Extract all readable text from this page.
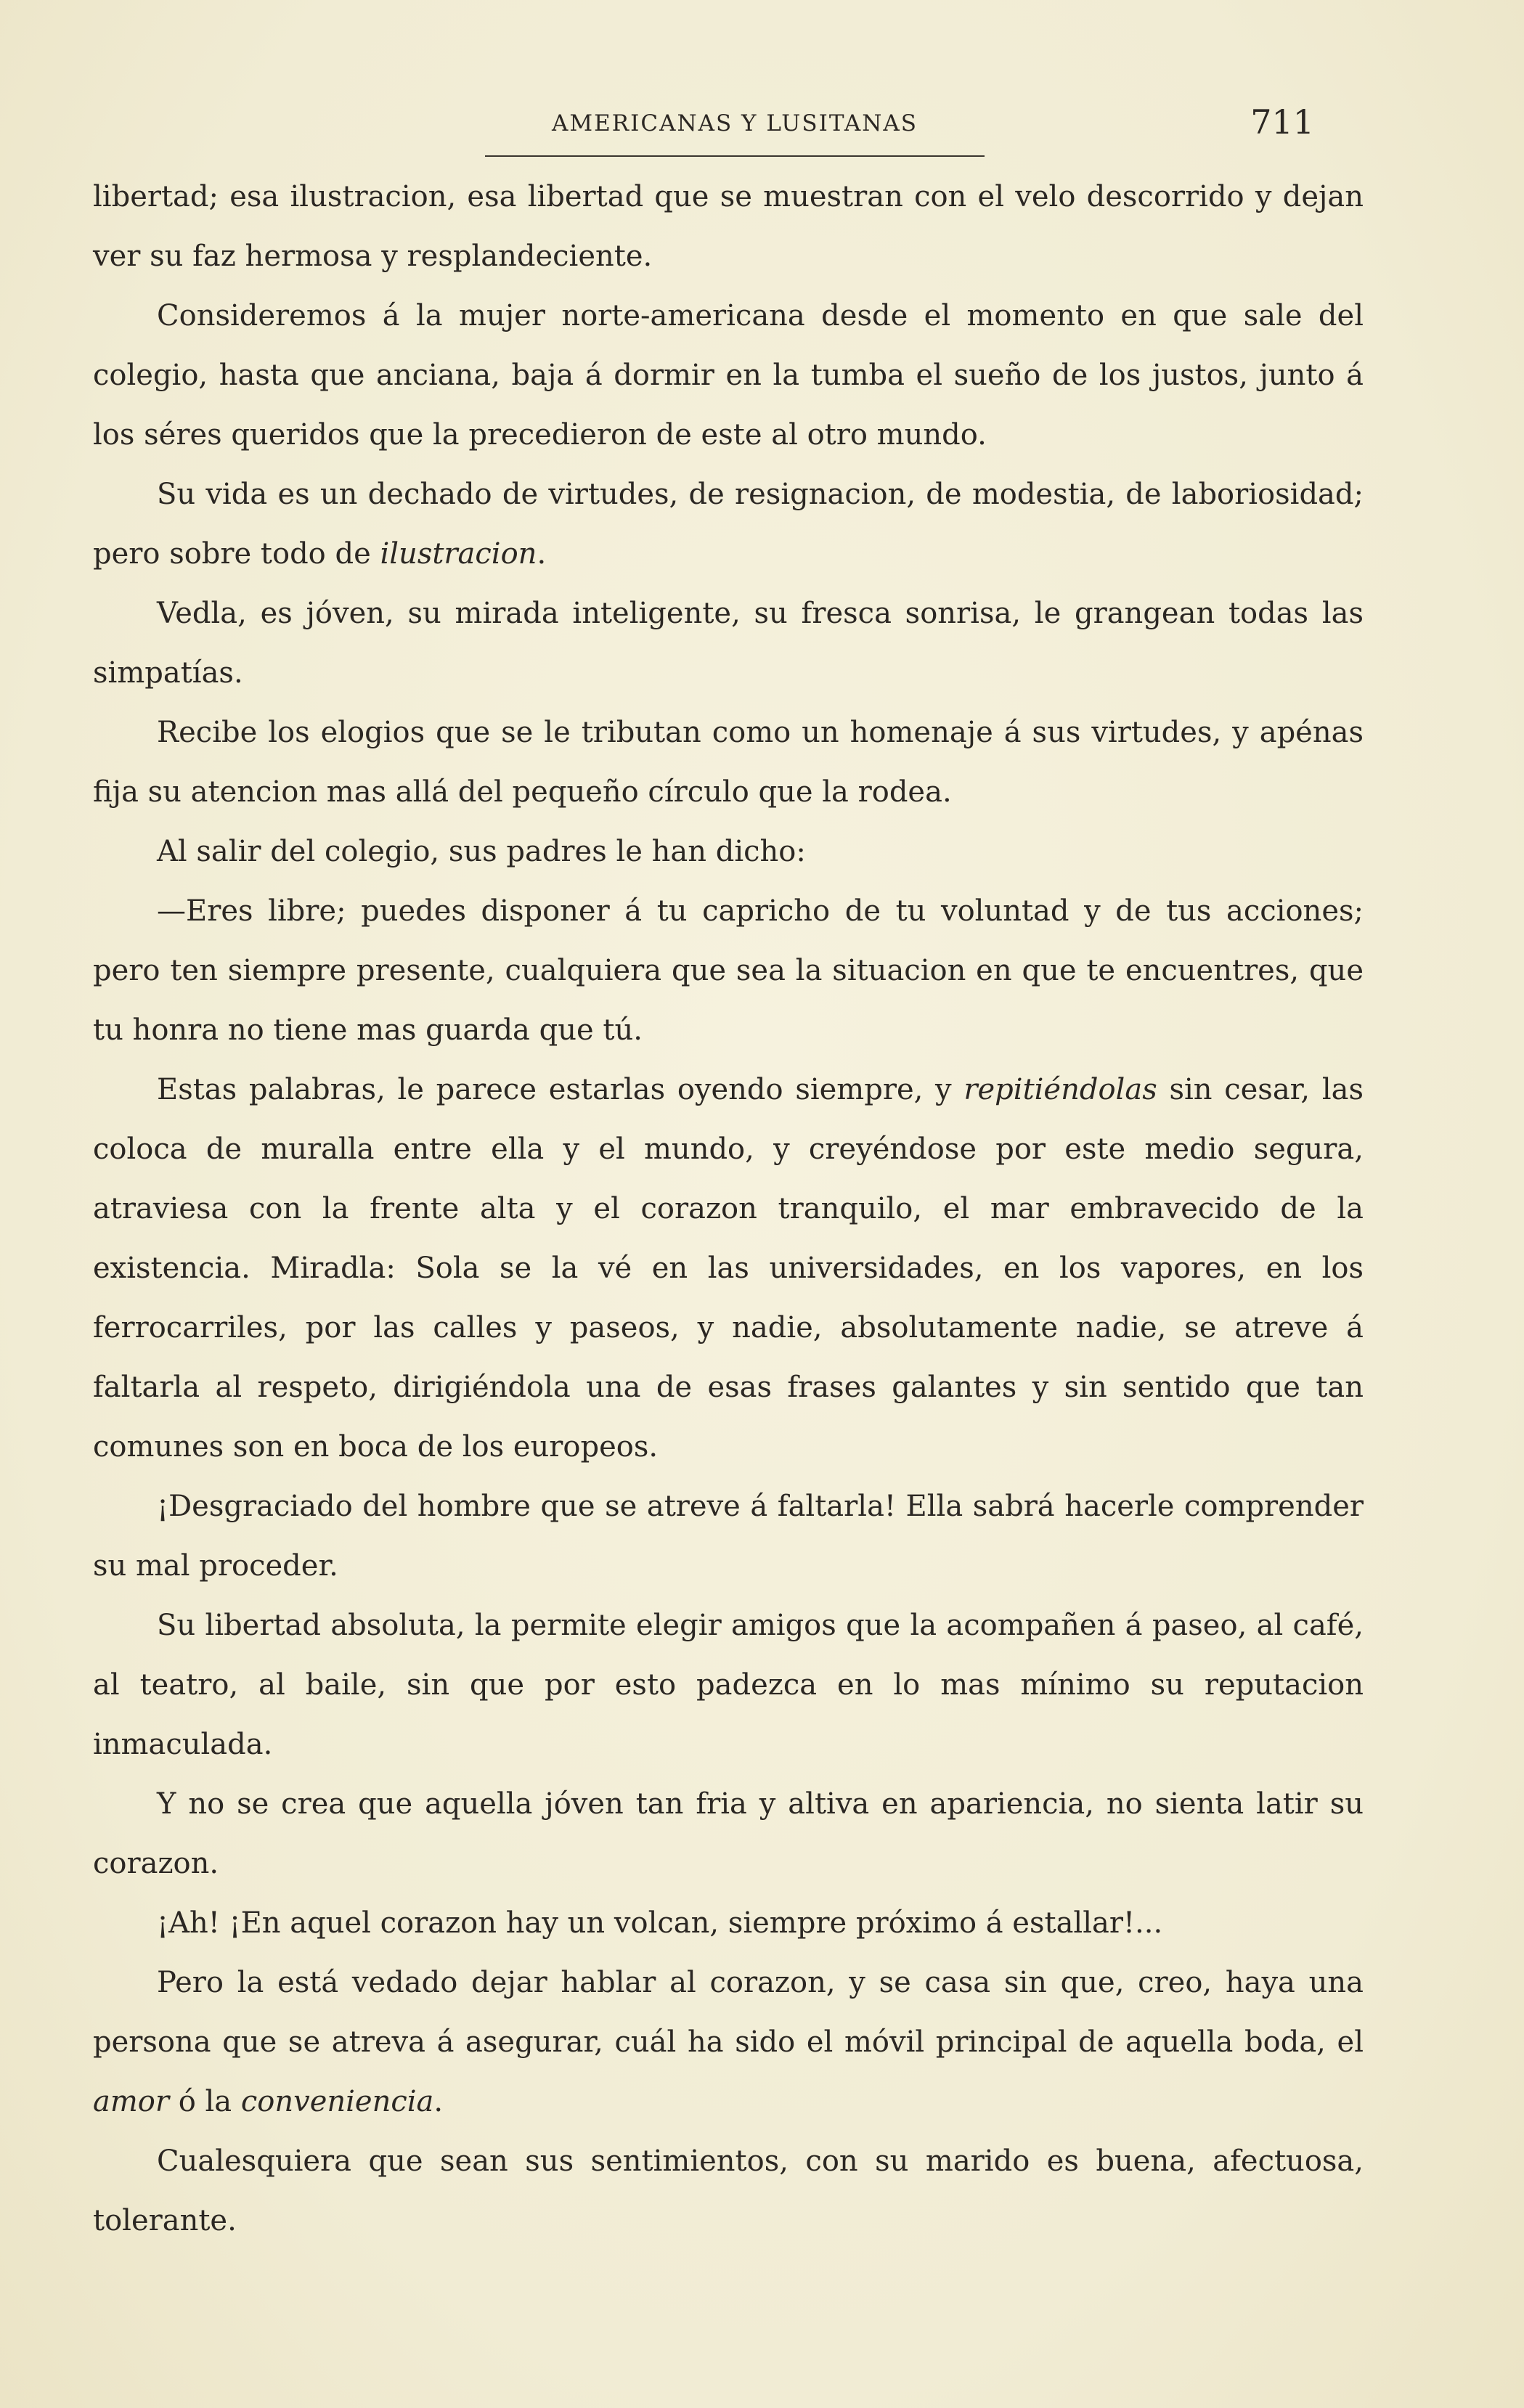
AMERICANAS Y LUSITANAS	711

libertad; esa ilustracion, esa libertad que se muestran con el velo descorrido y dejan ver su faz hermosa y resplandeciente.

Consideremos á la mujer norte-americana desde el momento en que sale del colegio, hasta que anciana, baja á dormir en la tumba el sueño de los justos, junto á los séres queridos que la precedieron de este al otro mundo.

Su vida es un dechado de virtudes, de resignacion, de modestia, de laboriosidad; pero sobre todo de ilustracion.

Vedla, es jóven, su mirada inteligente, su fresca sonrisa, le grangean todas las simpatías.

Recibe los elogios que se le tributan como un homenaje á sus virtudes, y apénas fija su atencion mas allá del pequeño círculo que la rodea.

Al salir del colegio, sus padres le han dicho:

—Eres libre; puedes disponer á tu capricho de tu voluntad y de tus acciones; pero ten siempre presente, cualquiera que sea la situacion en que te encuentres, que tu honra no tiene mas guarda que tú.

Estas palabras, le parece estarlas oyendo siempre, y repitiéndolas sin cesar, las coloca de muralla entre ella y el mundo, y creyéndose por este medio segura, atraviesa con la frente alta y el corazon tranquilo, el mar embravecido de la existencia. Miradla: Sola se la vé en las universidades, en los vapores, en los ferrocarriles, por las calles y paseos, y nadie, absolutamente nadie, se atreve á faltarla al respeto, dirigiéndola una de esas frases galantes y sin sentido que tan comunes son en boca de los europeos.

¡Desgraciado del hombre que se atreve á faltarla! Ella sabrá hacerle comprender su mal proceder.

Su libertad absoluta, la permite elegir amigos que la acompañen á paseo, al café, al teatro, al baile, sin que por esto padezca en lo mas mínimo su reputacion inmaculada.

Y no se crea que aquella jóven tan fria y altiva en apariencia, no sienta latir su corazon.

¡Ah! ¡En aquel corazon hay un volcan, siempre próximo á estallar!...

Pero la está vedado dejar hablar al corazon, y se casa sin que, creo, haya una persona que se atreva á asegurar, cuál ha sido el móvil principal de aquella boda, el amor ó la conveniencia.

Cualesquiera que sean sus sentimientos, con su marido es buena, afectuosa, tolerante.
